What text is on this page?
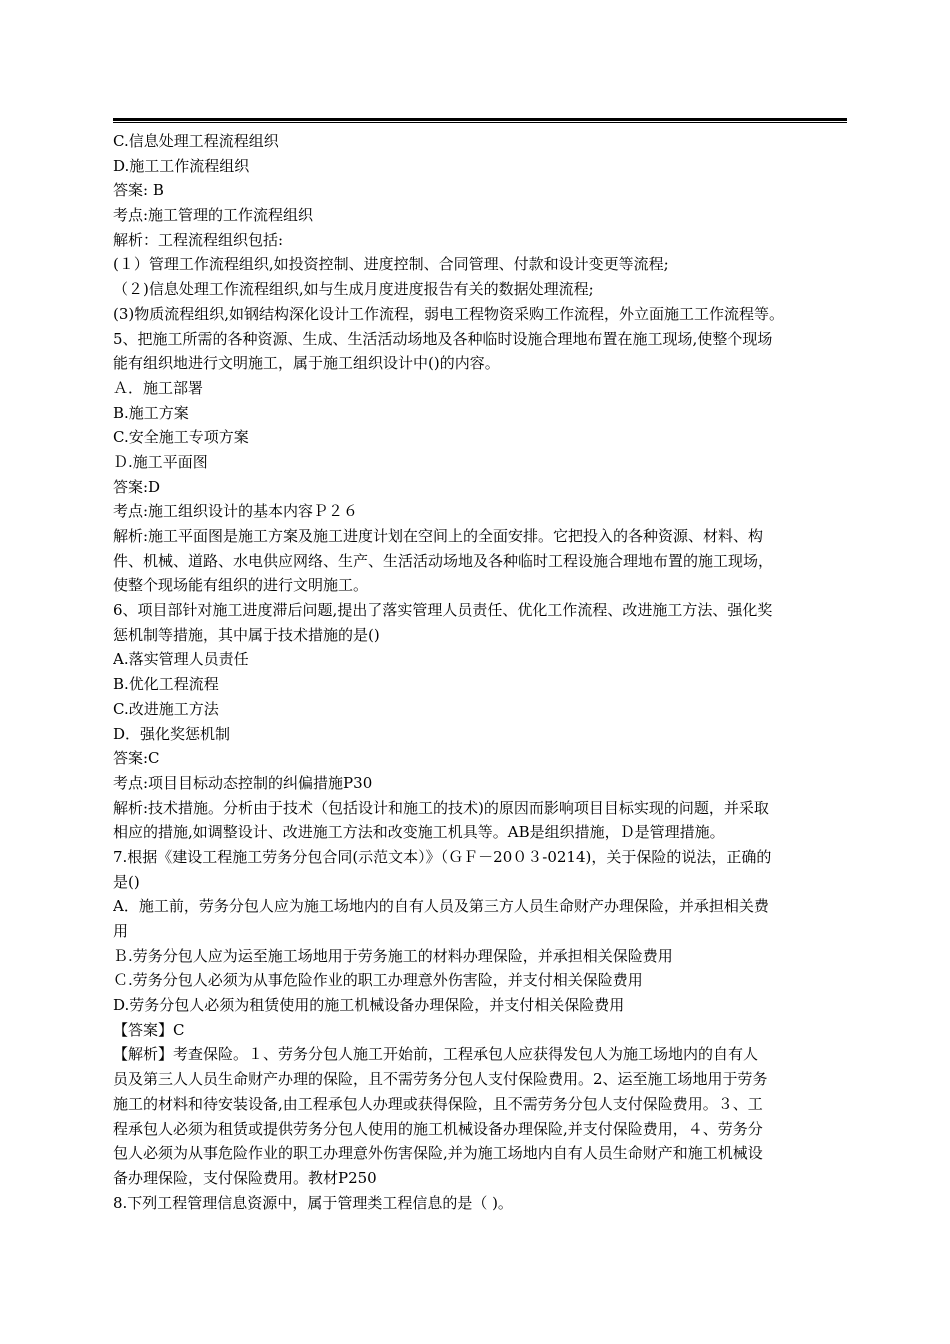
C.信息处理工程流程组织
D.施工工作流程组织
答案: B
考点:施工管理的工作流程组织
解析：工程流程组织包括:
(１）管理工作流程组织,如投资控制、进度控制、合同管理、付款和设计变更等流程;
（２)信息处理工作流程组织,如与生成月度进度报告有关的数据处理流程;
(3)物质流程组织,如钢结构深化设计工作流程，弱电工程物资采购工作流程，外立面施工工作流程等。
5、把施工所需的各种资源、生成、生活活动场地及各种临时设施合理地布置在施工现场,使整个现场
能有组织地进行文明施工，属于施工组织设计中()的内容。
Ａ．施工部署
B.施工方案
C.安全施工专项方案
Ｄ.施工平面图
答案:D
考点:施工组织设计的基本内容Ｐ２６
解析:施工平面图是施工方案及施工进度计划在空间上的全面安排。它把投入的各种资源、材料、构
件、机械、道路、水电供应网络、生产、生活活动场地及各种临时工程设施合理地布置的施工现场，
使整个现场能有组织的进行文明施工。
6、项目部针对施工进度滞后问题,提出了落实管理人员责任、优化工作流程、改进施工方法、强化奖
惩机制等措施，其中属于技术措施的是()
A.落实管理人员责任
B.优化工程流程
C.改进施工方法
D．强化奖惩机制
答案:C
考点:项目目标动态控制的纠偏措施P30
解析:技术措施。分析由于技术（包括设计和施工的技术)的原因而影响项目目标实现的问题，并采取
相应的措施,如调整设计、改进施工方法和改变施工机具等。AB是组织措施，Ｄ是管理措施。
7.根据《建设工程施工劳务分包合同(示范文本）》（ＧＦ－20０３-0214)，关于保险的说法，正确的
是()
A．施工前，劳务分包人应为施工场地内的自有人员及第三方人员生命财产办理保险，并承担相关费
用
Ｂ.劳务分包人应为运至施工场地用于劳务施工的材料办理保险，并承担相关保险费用
Ｃ.劳务分包人必须为从事危险作业的职工办理意外伤害险，并支付相关保险费用
D.劳务分包人必须为租赁使用的施工机械设备办理保险，并支付相关保险费用
【答案】C
【解析】考查保险。１、劳务分包人施工开始前，工程承包人应获得发包人为施工场地内的自有人
员及第三人人员生命财产办理的保险，且不需劳务分包人支付保险费用。2、运至施工场地用于劳务
施工的材料和待安装设备,由工程承包人办理或获得保险，且不需劳务分包人支付保险费用。３、工
程承包人必须为租赁或提供劳务分包人使用的施工机械设备办理保险,并支付保险费用，４、劳务分
包人必须为从事危险作业的职工办理意外伤害保险,并为施工场地内自有人员生命财产和施工机械设
备办理保险，支付保险费用。教材P250
8.下列工程管理信息资源中，属于管理类工程信息的是（ )。
